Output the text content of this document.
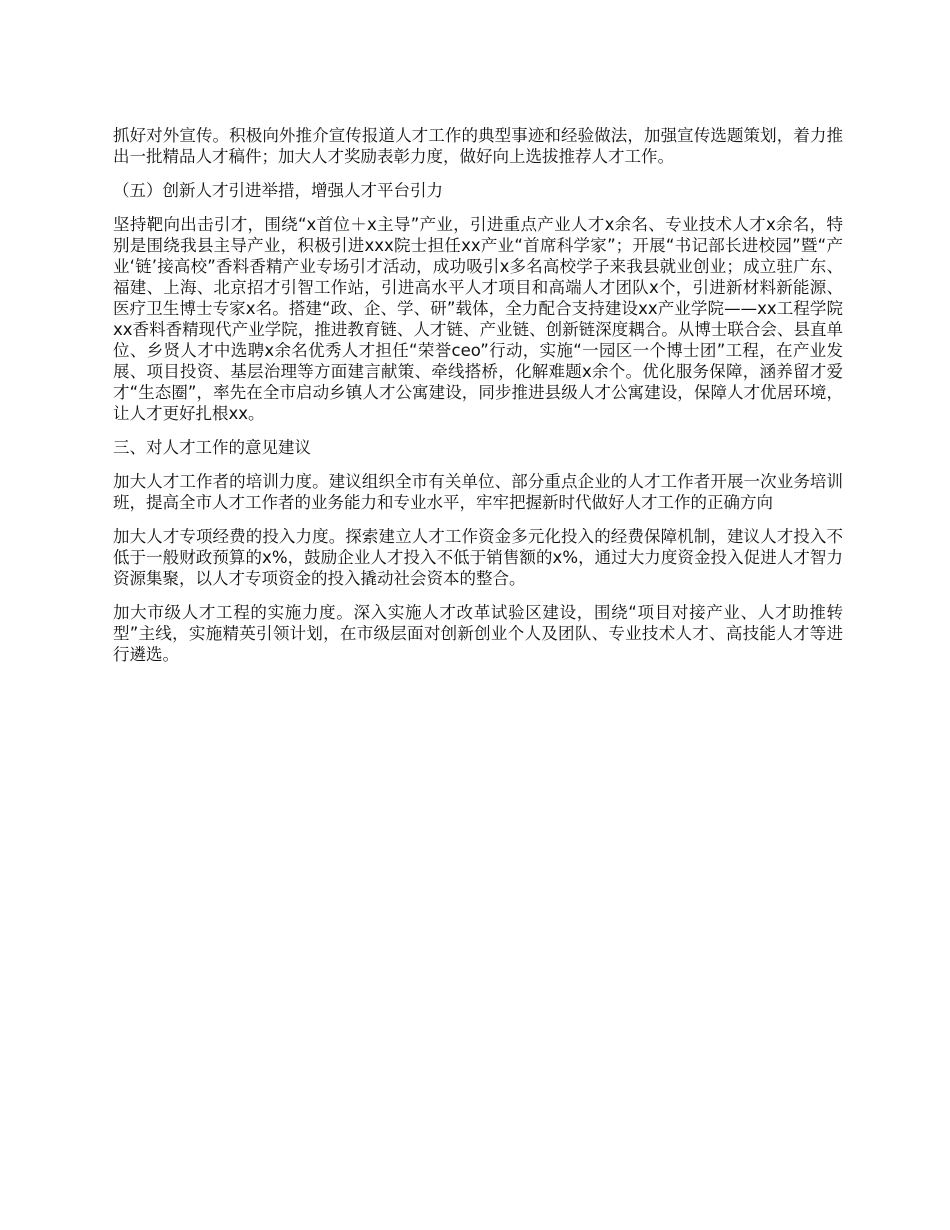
抓好对外宣传。积极向外推介宣传报道人才工作的典型事迹和经验做法，加强宣传选题策划，着力推出一批精品人才稿件；加大人才奖励表彰力度，做好向上选拔推荐人才工作。

（五）创新人才引进举措，增强人才平台引力

坚持靶向出击引才，围绕“x首位＋x主导”产业，引进重点产业人才x余名、专业技术人才x余名，特别是围绕我县主导产业，积极引进xxx院士担任xx产业“首席科学家”；开展“书记部长进校园”暨“产业‘链’接高校”香料香精产业专场引才活动，成功吸引x多名高校学子来我县就业创业；成立驻广东、福建、上海、北京招才引智工作站，引进高水平人才项目和高端人才团队x个，引进新材料新能源、医疗卫生博士专家x名。搭建“政、企、学、研”载体，全力配合支持建设xx产业学院——xx工程学院xx香料香精现代产业学院，推进教育链、人才链、产业链、创新链深度耦合。从博士联合会、县直单位、乡贤人才中选聘x余名优秀人才担任“荣誉ceo”行动，实施“一园区一个博士团”工程，在产业发展、项目投资、基层治理等方面建言献策、牵线搭桥，化解难题x余个。优化服务保障，涵养留才爱才“生态圈”，率先在全市启动乡镇人才公寓建设，同步推进县级人才公寓建设，保障人才优居环境，让人才更好扎根xx。

三、对人才工作的意见建议

加大人才工作者的培训力度。建议组织全市有关单位、部分重点企业的人才工作者开展一次业务培训班，提高全市人才工作者的业务能力和专业水平，牢牢把握新时代做好人才工作的正确方向

加大人才专项经费的投入力度。探索建立人才工作资金多元化投入的经费保障机制，建议人才投入不低于一般财政预算的x%，鼓励企业人才投入不低于销售额的x%，通过大力度资金投入促进人才智力资源集聚，以人才专项资金的投入撬动社会资本的整合。

加大市级人才工程的实施力度。深入实施人才改革试验区建设，围绕“项目对接产业、人才助推转型”主线，实施精英引领计划，在市级层面对创新创业个人及团队、专业技术人才、高技能人才等进行遴选。
